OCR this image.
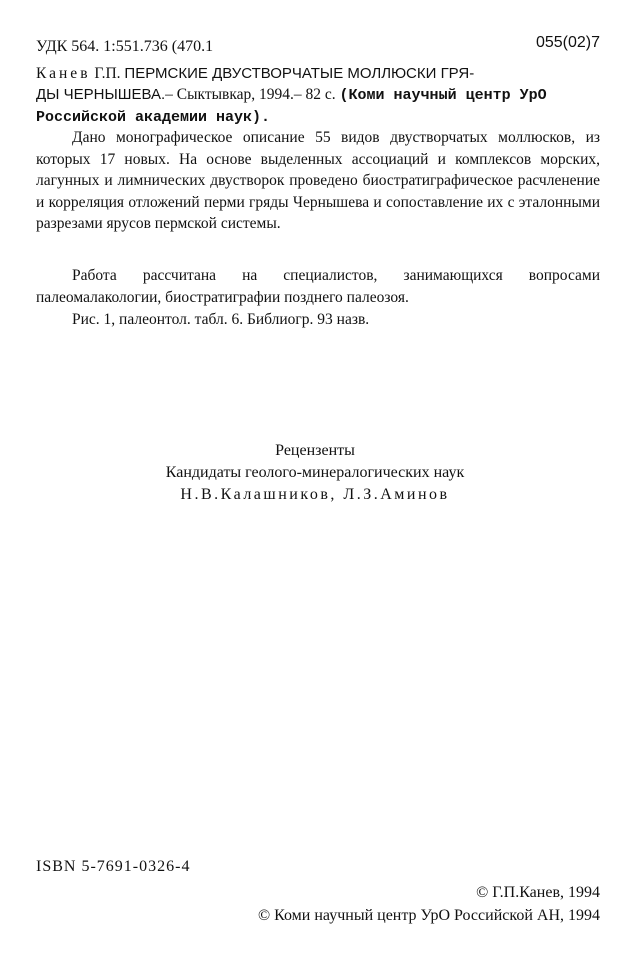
УДК 564. 1:551.736 (470.1	055(02)7
Канев Г.П. ПЕРМСКИЕ ДВУСТВОРЧАТЫЕ МОЛЛЮСКИ ГРЯ-
ДЫ ЧЕРНЫШЕВА.– Сыктывкар, 1994.– 82 с. (Коми научный центр УрО Российской академии наук).

Дано монографическое описание 55 видов двустворчатых моллюсков, из которых 17 новых. На основе выделенных ассоциаций и комплексов морских, лагунных и лимнических двустворок проведено биостратиграфическое расчленение и корреляция отложений перми гряды Чернышева и сопоставление их с эталонными разрезами ярусов пермской системы.

Работа рассчитана на специалистов, занимающихся вопросами палеомалакологии, биостратиграфии позднего палеозоя.

Рис. 1, палеонтол. табл. 6. Библиогр. 93 назв.

Рецензенты
Кандидаты геолого-минералогических наук
Н.В.Калашников, Л.З.Аминов
ISBN 5-7691-0326-4
© Г.П.Канев, 1994
© Коми научный центр УрО Российской АН, 1994
